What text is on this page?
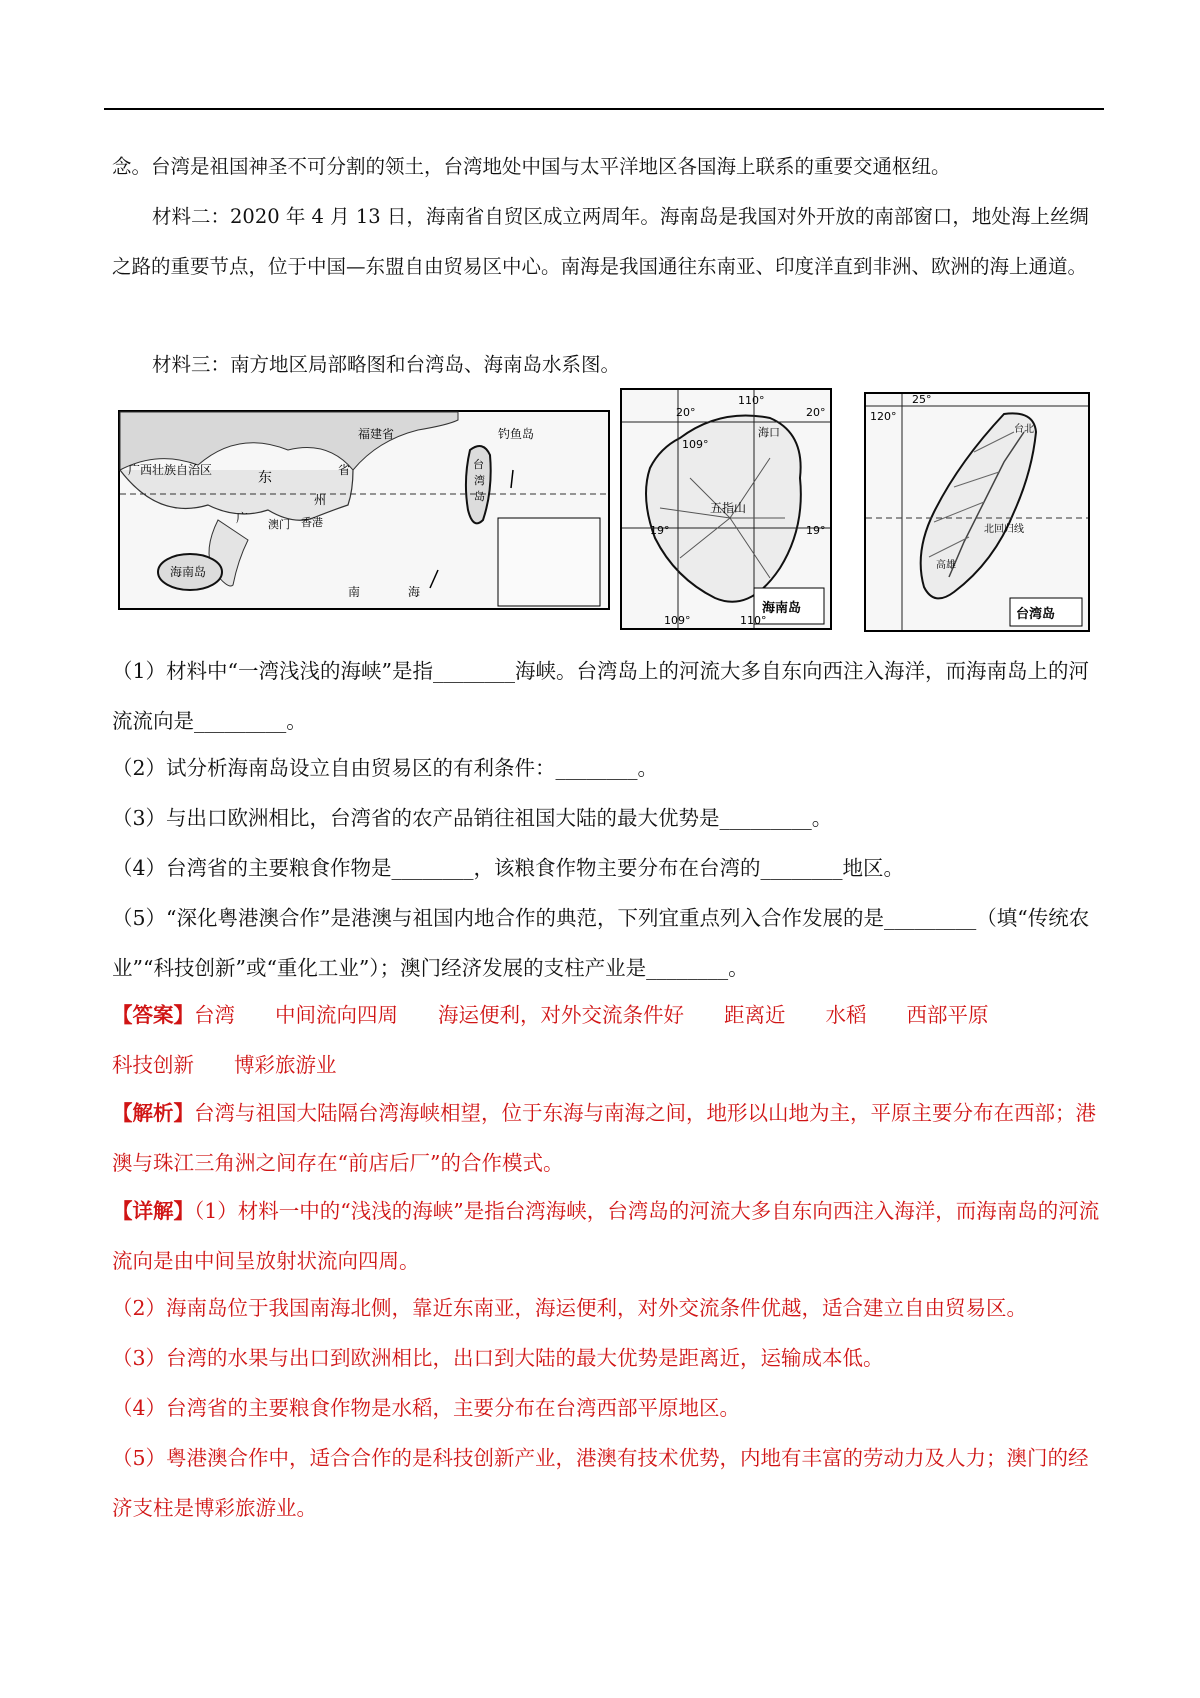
念。台湾是祖国神圣不可分割的领土，台湾地处中国与太平洋地区各国海上联系的重要交通枢纽。

材料二：2020 年 4 月 13 日，海南省自贸区成立两周年。海南岛是我国对外开放的南部窗口，地处海上丝绸之路的重要节点，位于中国—东盟自由贸易区中心。南海是我国通往东南亚、印度洋直到非洲、欧洲的海上通道。

材料三：南方地区局部略图和台湾岛、海南岛水系图。

福建省	钓鱼岛
广西壮族自治区	东	省	台
湾
岛
广
州
澳门 香港
海南岛
南	海
20°
110°
20°
海口
109°
五指山
19°	19°
109°	110°
海南岛
25°
120°
台北
北回归线
高雄
台湾岛

（1）材料中“一湾浅浅的海峡”是指________海峡。台湾岛上的河流大多自东向西注入海洋，而海南岛上的河流流向是_________。

（2）试分析海南岛设立自由贸易区的有利条件：________。

（3）与出口欧洲相比，台湾省的农产品销往祖国大陆的最大优势是_________。

（4）台湾省的主要粮食作物是________，该粮食作物主要分布在台湾的________地区。

（5）“深化粤港澳合作”是港澳与祖国内地合作的典范，下列宜重点列入合作发展的是_________（填“传统农业”“科技创新”或“重化工业”）；澳门经济发展的支柱产业是________。

【答案】台湾 中间流向四周 海运便利，对外交流条件好 距离近 水稻 西部平原科技创新 博彩旅游业

【解析】台湾与祖国大陆隔台湾海峡相望，位于东海与南海之间，地形以山地为主，平原主要分布在西部；港澳与珠江三角洲之间存在“前店后厂”的合作模式。

【详解】（1）材料一中的“浅浅的海峡”是指台湾海峡，台湾岛的河流大多自东向西注入海洋，而海南岛的河流流向是由中间呈放射状流向四周。

（2）海南岛位于我国南海北侧，靠近东南亚，海运便利，对外交流条件优越，适合建立自由贸易区。

（3）台湾的水果与出口到欧洲相比，出口到大陆的最大优势是距离近，运输成本低。

（4）台湾省的主要粮食作物是水稻，主要分布在台湾西部平原地区。

（5）粤港澳合作中，适合合作的是科技创新产业，港澳有技术优势，内地有丰富的劳动力及人力；澳门的经济支柱是博彩旅游业。
